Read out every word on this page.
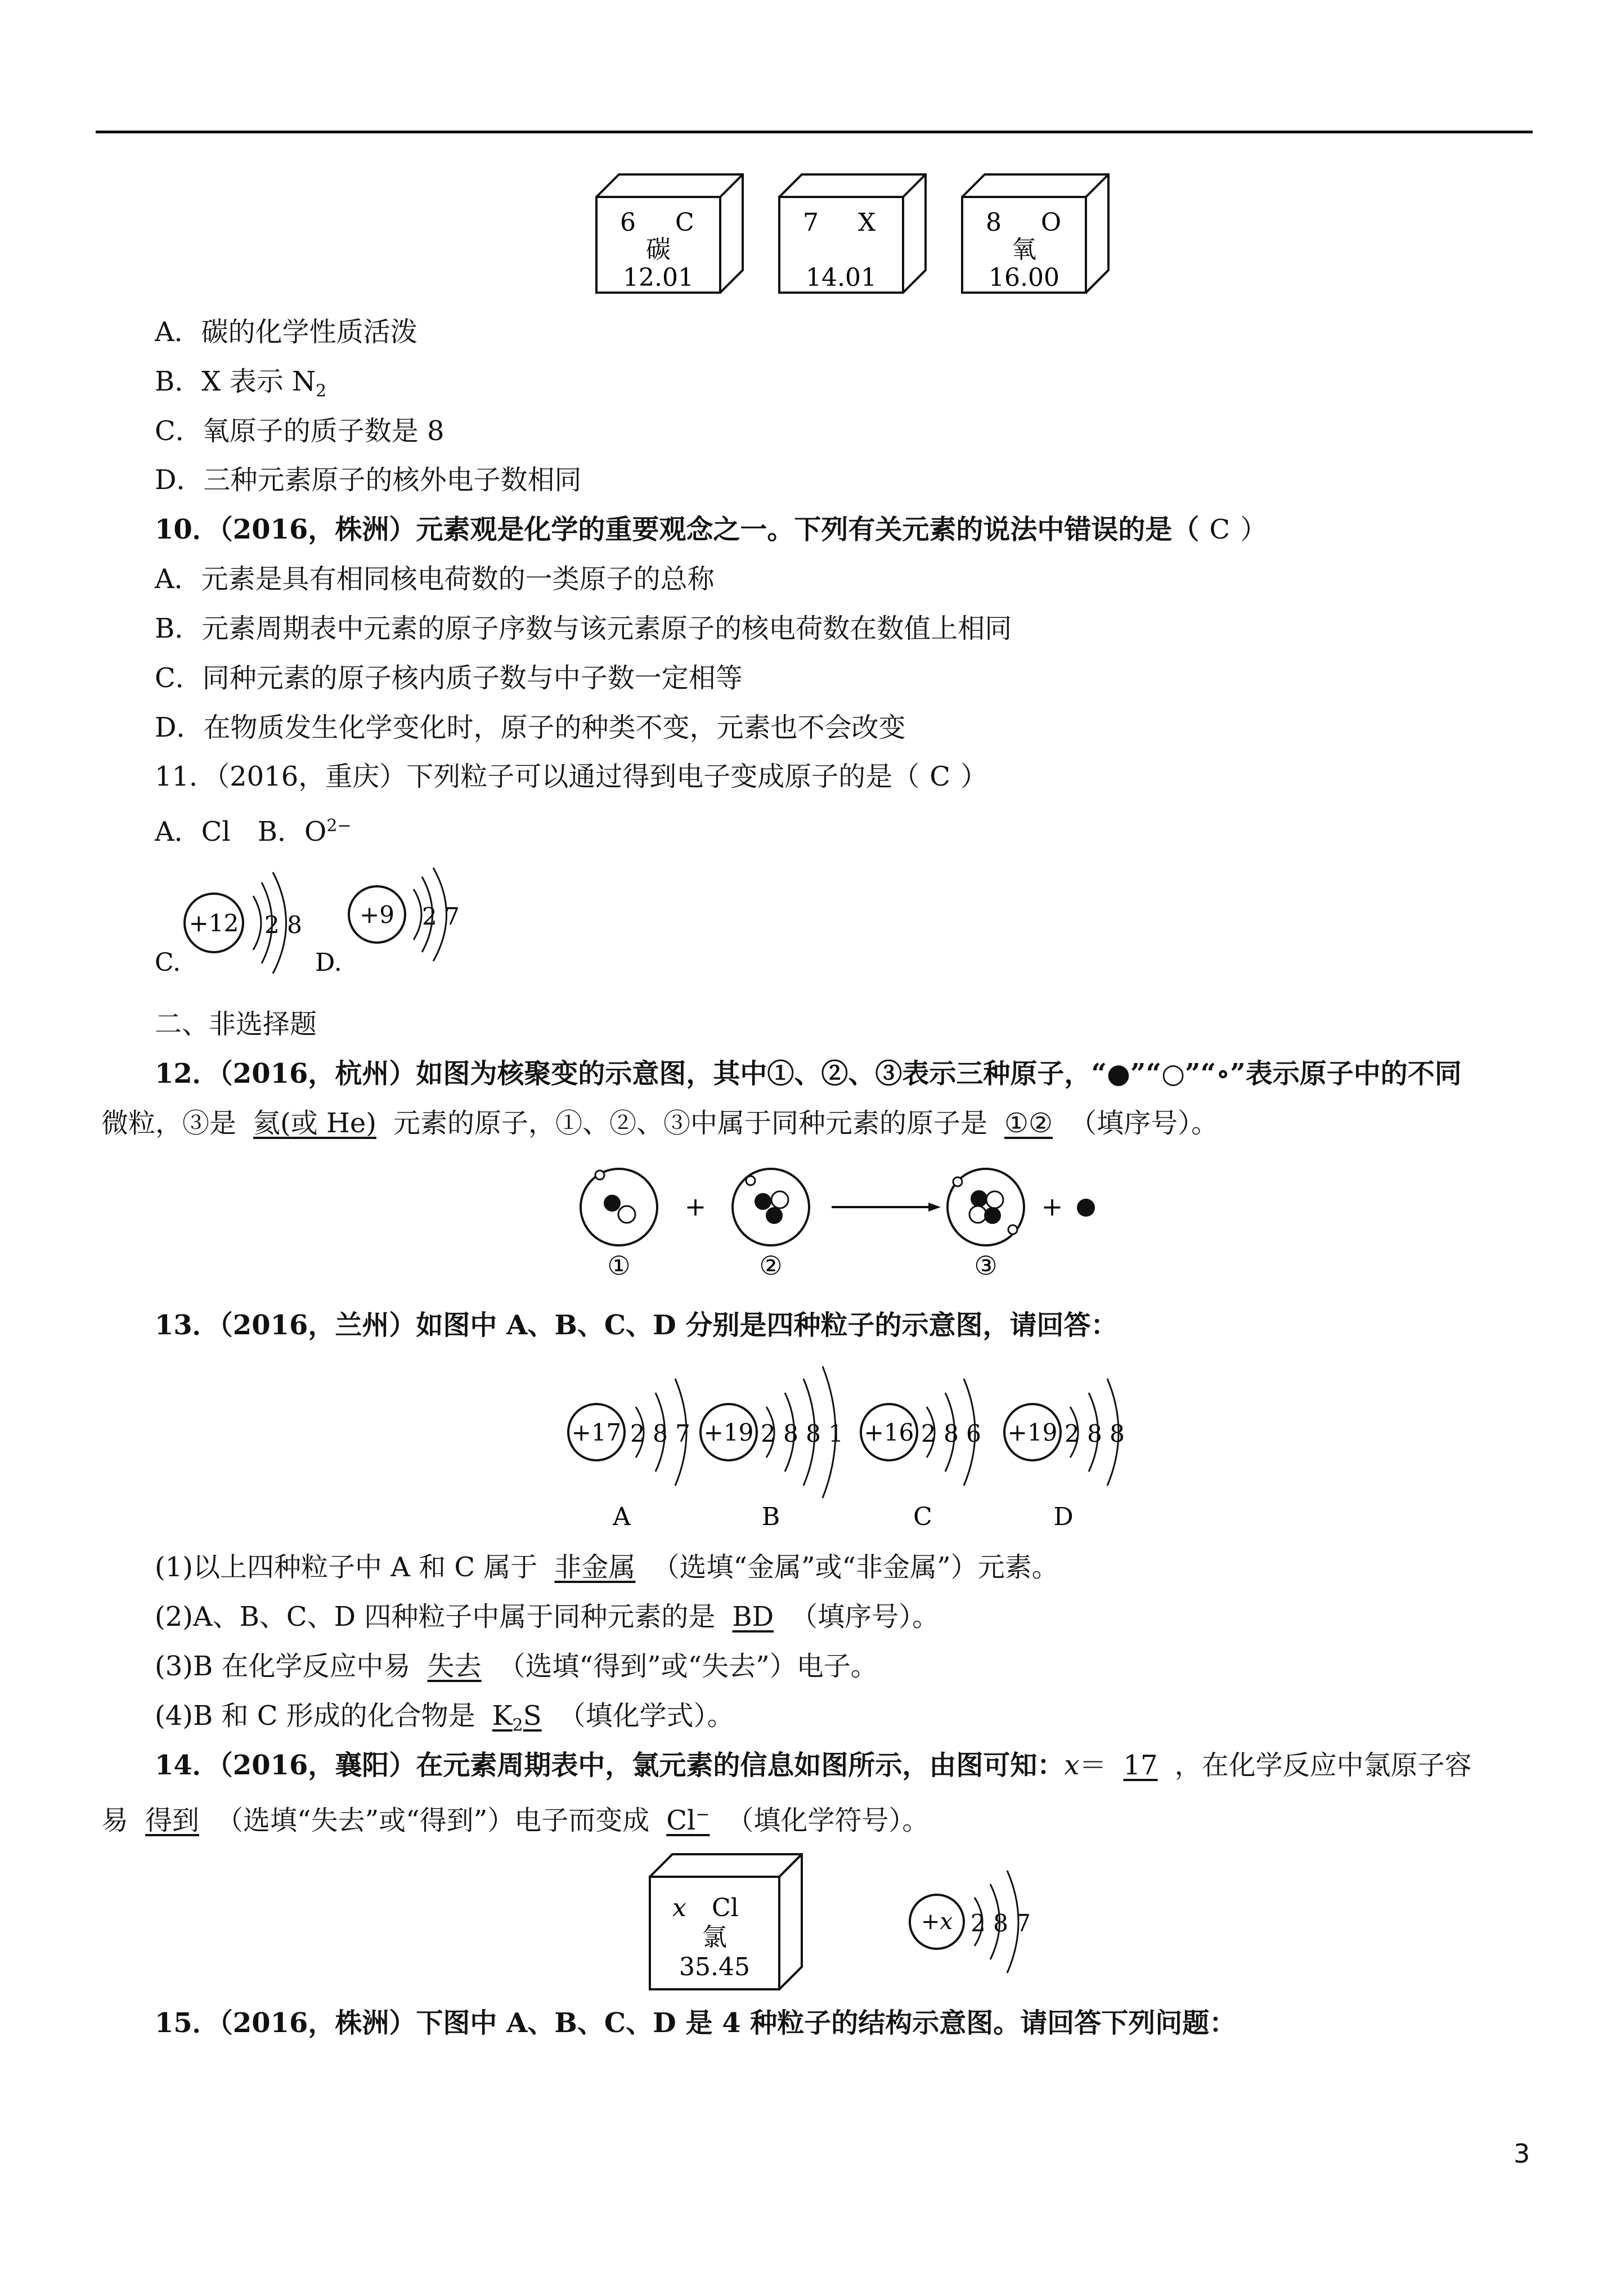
6 C
碳
12.01
7 X
14.01
8 O
氧
16.00
A．碳的化学性质活泼
B．X 表示 $N_2$
C．氧原子的质子数是 8
D．三种元素原子的核外电子数相同
10．（2016，株洲）元素观是化学的重要观念之一。下列有关元素的说法中错误的是（ C ）
A．元素是具有相同核电荷数的一类原子的总称
B．元素周期表中元素的原子序数与该元素原子的核电荷数在数值上相同
C．同种元素的原子核内质子数与中子数一定相等
D．在物质发生化学变化时，原子的种类不变，元素也不会改变
11．（2016，重庆）下列粒子可以通过得到电子变成原子的是（ C ）
A．Cl　B．$O^{2-}$
C.
+12 2 8
D.
+9 2 7
二、非选择题
12．（2016，杭州）如图为核聚变的示意图，其中①、②、③表示三种原子，“●”“○”“∘”表示原子中的不同
微粒，③是 氦(或 He) 元素的原子，①、②、③中属于同种元素的原子是 ①② （填序号）。
①
+
②	③
+
13．（2016，兰州）如图中 A、B、C、D 分别是四种粒子的示意图，请回答：
+17 2 8 7
A
+19 2 8 8 1
B
+16 2 8 6
C
+19 2 8 8
D
(1)以上四种粒子中 A 和 C 属于 非金属 （选填“金属”或“非金属”）元素。
(2)A、B、C、D 四种粒子中属于同种元素的是 BD （填序号）。
(3)B 在化学反应中易 失去 （选填“得到”或“失去”）电子。
(4)B 和 C 形成的化合物是 $K_2S$ （填化学式）。
14．（2016，襄阳）在元素周期表中，氯元素的信息如图所示，由图可知：x＝ 17 ，在化学反应中氯原子容
易 得到 （选填“失去”或“得到”）电子而变成 Cl− （填化学符号）。
x Cl
氯
35.45
+x 2 8 7
15．（2016，株洲）下图中 A、B、C、D 是 4 种粒子的结构示意图。请回答下列问题：
3
